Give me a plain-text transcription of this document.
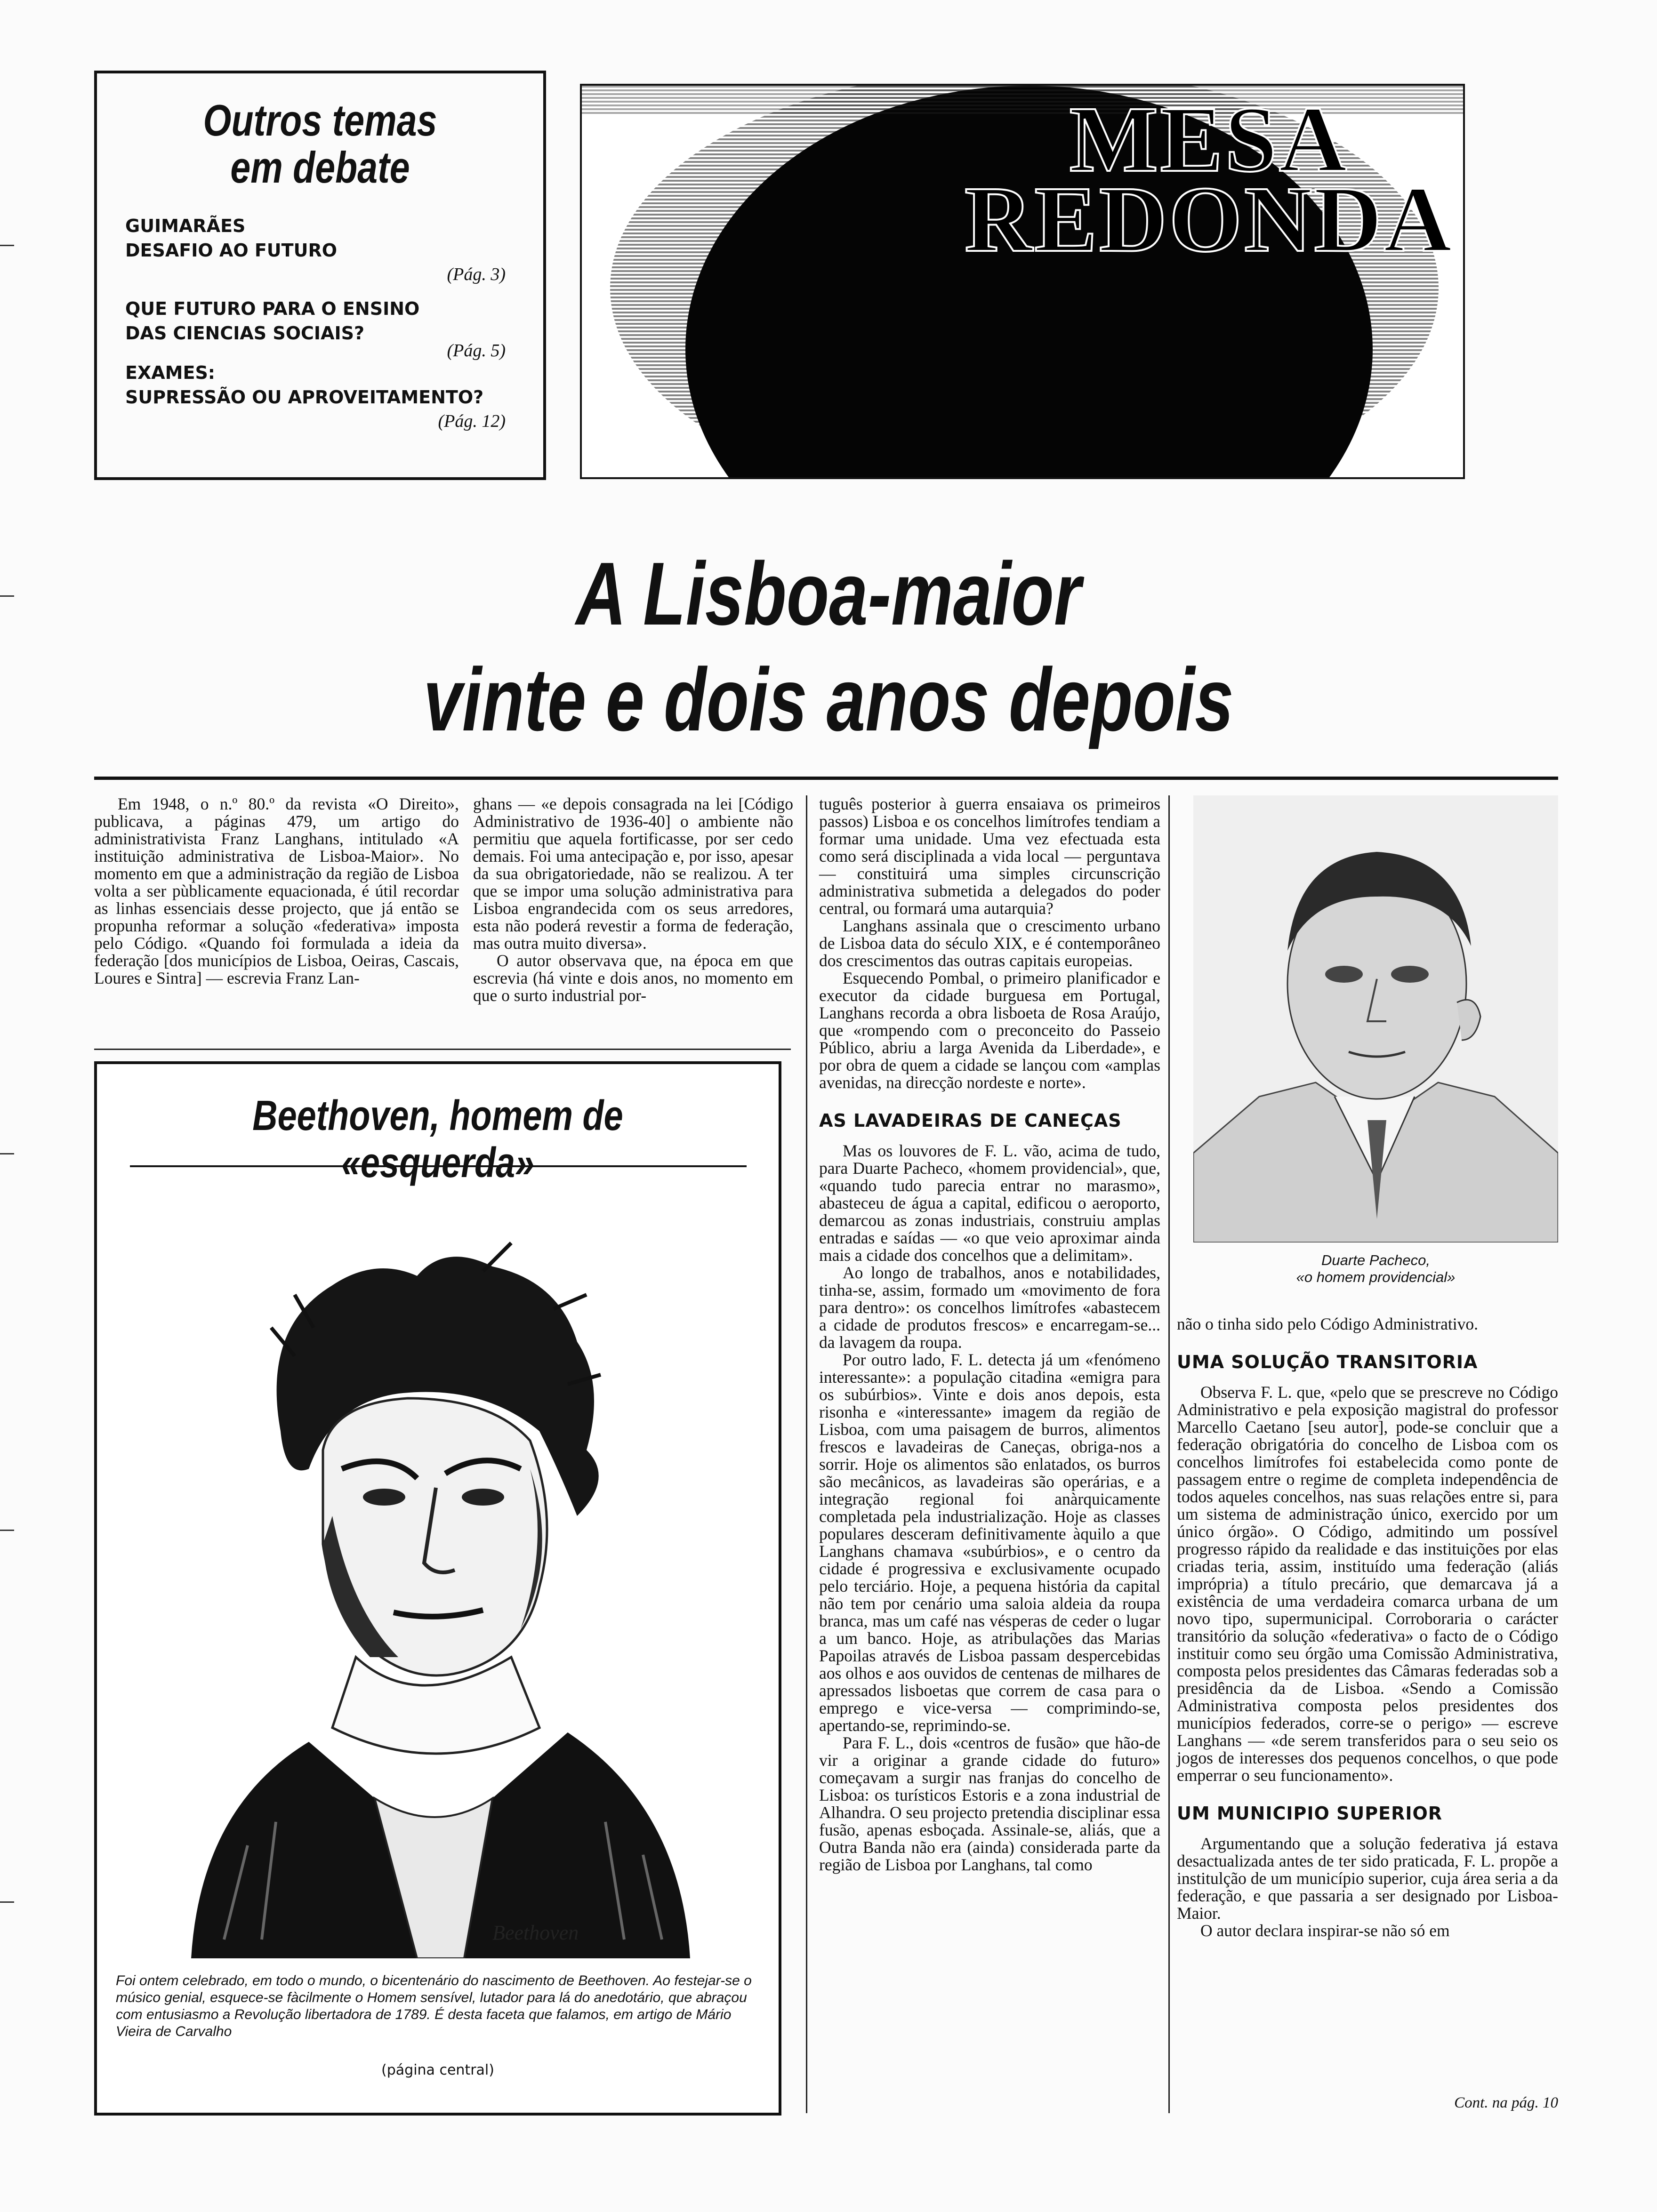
Outros temas
em debate
GUIMARÃES
DESAFIO AO FUTURO
(Pág. 3)
QUE FUTURO PARA O ENSINO
DAS CIENCIAS SOCIAIS?
(Pág. 5)
EXAMES:
SUPRESSÃO OU APROVEITAMENTO?
(Pág. 12)
MESA
REDONDA
A Lisboa-maior
vinte e dois anos depois

Em 1948, o n.º 80.º da revista «O Direito», publicava, a páginas 479, um artigo do administrativista Franz Langhans, intitulado «A instituição administrativa de Lisboa-Maior». No momento em que a administração da região de Lisboa volta a ser pùblicamente equacionada, é útil recordar as linhas essenciais desse projecto, que já então se propunha reformar a solução «federativa» imposta pelo Código. «Quando foi formulada a ideia da federação [dos municípios de Lisboa, Oeiras, Cascais, Loures e Sintra] — escrevia Franz Lan-

ghans — «e depois consagrada na lei [Código Administrativo de 1936-40] o ambiente não permitiu que aquela fortificasse, por ser cedo demais. Foi uma antecipação e, por isso, apesar da sua obrigatoriedade, não se realizou. A ter que se impor uma solução administrativa para Lisboa engrandecida com os seus arredores, esta não poderá revestir a forma de federação, mas outra muito diversa».

O autor observava que, na época em que escrevia (há vinte e dois anos, no momento em que o surto industrial por-

tuguês posterior à guerra ensaiava os primeiros passos) Lisboa e os concelhos limítrofes tendiam a formar uma unidade. Uma vez efectuada esta como será disciplinada a vida local — perguntava — constituirá uma simples circunscrição administrativa submetida a delegados do poder central, ou formará uma autarquia?

Langhans assinala que o crescimento urbano de Lisboa data do século XIX, e é contemporâneo dos crescimentos das outras capitais europeias.

Esquecendo Pombal, o primeiro planificador e executor da cidade burguesa em Portugal, Langhans recorda a obra lisboeta de Rosa Araújo, que «rompendo com o preconceito do Passeio Público, abriu a larga Avenida da Liberdade», e por obra de quem a cidade se lançou com «amplas avenidas, na direcção nordeste e norte».

AS LAVADEIRAS DE CANEÇAS

Mas os louvores de F. L. vão, acima de tudo, para Duarte Pacheco, «homem providencial», que, «quando tudo parecia entrar no marasmo», abasteceu de água a capital, edificou o aeroporto, demarcou as zonas industriais, construiu amplas entradas e saídas — «o que veio aproximar ainda mais a cidade dos concelhos que a delimitam».

Ao longo de trabalhos, anos e notabilidades, tinha-se, assim, formado um «movimento de fora para dentro»: os concelhos limítrofes «abastecem a cidade de produtos frescos» e encarregam-se... da lavagem da roupa.

Por outro lado, F. L. detecta já um «fenómeno interessante»: a população citadina «emigra para os subúrbios». Vinte e dois anos depois, esta risonha e «interessante» imagem da região de Lisboa, com uma paisagem de burros, alimentos frescos e lavadeiras de Caneças, obriga-nos a sorrir. Hoje os alimentos são enlatados, os burros são mecânicos, as lavadeiras são operárias, e a integração regional foi anàrquicamente completada pela industrialização. Hoje as classes populares desceram definitivamente àquilo a que Langhans chamava «subúrbios», e o centro da cidade é progressiva e exclusivamente ocupado pelo terciário. Hoje, a pequena história da capital não tem por cenário uma saloia aldeia da roupa branca, mas um café nas vésperas de ceder o lugar a um banco. Hoje, as atribulações das Marias Papoilas através de Lisboa passam despercebidas aos olhos e aos ouvidos de centenas de milhares de apressados lisboetas que correm de casa para o emprego e vice-versa — comprimindo-se, apertando-se, reprimindo-se.

Para F. L., dois «centros de fusão» que hão-de vir a originar a grande cidade do futuro» começavam a surgir nas franjas do concelho de Lisboa: os turísticos Estoris e a zona industrial de Alhandra. O seu projecto pretendia disciplinar essa fusão, apenas esboçada. Assinale-se, aliás, que a Outra Banda não era (ainda) considerada parte da região de Lisboa por Langhans, tal como

Duarte Pacheco,
«o homem providencial»

não o tinha sido pelo Código Administrativo.

UMA SOLUÇÃO TRANSITORIA

Observa F. L. que, «pelo que se prescreve no Código Administrativo e pela exposição magistral do professor Marcello Caetano [seu autor], pode-se concluir que a federação obrigatória do concelho de Lisboa com os concelhos limítrofes foi estabelecida como ponte de passagem entre o regime de completa independência de todos aqueles concelhos, nas suas relações entre si, para um sistema de administração único, exercido por um único órgão». O Código, admitindo um possível progresso rápido da realidade e das instituições por elas criadas teria, assim, instituído uma federação (aliás imprópria) a título precário, que demarcava já a existência de uma verdadeira comarca urbana de um novo tipo, supermunicipal. Corroboraria o carácter transitório da solução «federativa» o facto de o Código instituir como seu órgão uma Comissão Administrativa, composta pelos presidentes das Câmaras federadas sob a presidência da de Lisboa. «Sendo a Comissão Administrativa composta pelos presidentes dos municípios federados, corre-se o perigo» — escreve Langhans — «de serem transferidos para o seu seio os jogos de interesses dos pequenos concelhos, o que pode emperrar o seu funcionamento».

UM MUNICIPIO SUPERIOR

Argumentando que a solução federativa já estava desactualizada antes de ter sido praticada, F. L. propõe a institulção de um município superior, cuja área seria a da federação, e que passaria a ser designado por Lisboa-Maior.

O autor declara inspirar-se não só em

Cont. na pág. 10
Beethoven, homem de «esquerda»
Beethoven
Foi ontem celebrado, em todo o mundo, o bicentenário do nascimento de Beethoven. Ao festejar-se o músico genial, esquece-se fàcilmente o Homem sensível, lutador para lá do anedotário, que abraçou com entusiasmo a Revolução libertadora de 1789. É desta faceta que falamos, em artigo de Mário Vieira de Carvalho
(página central)
